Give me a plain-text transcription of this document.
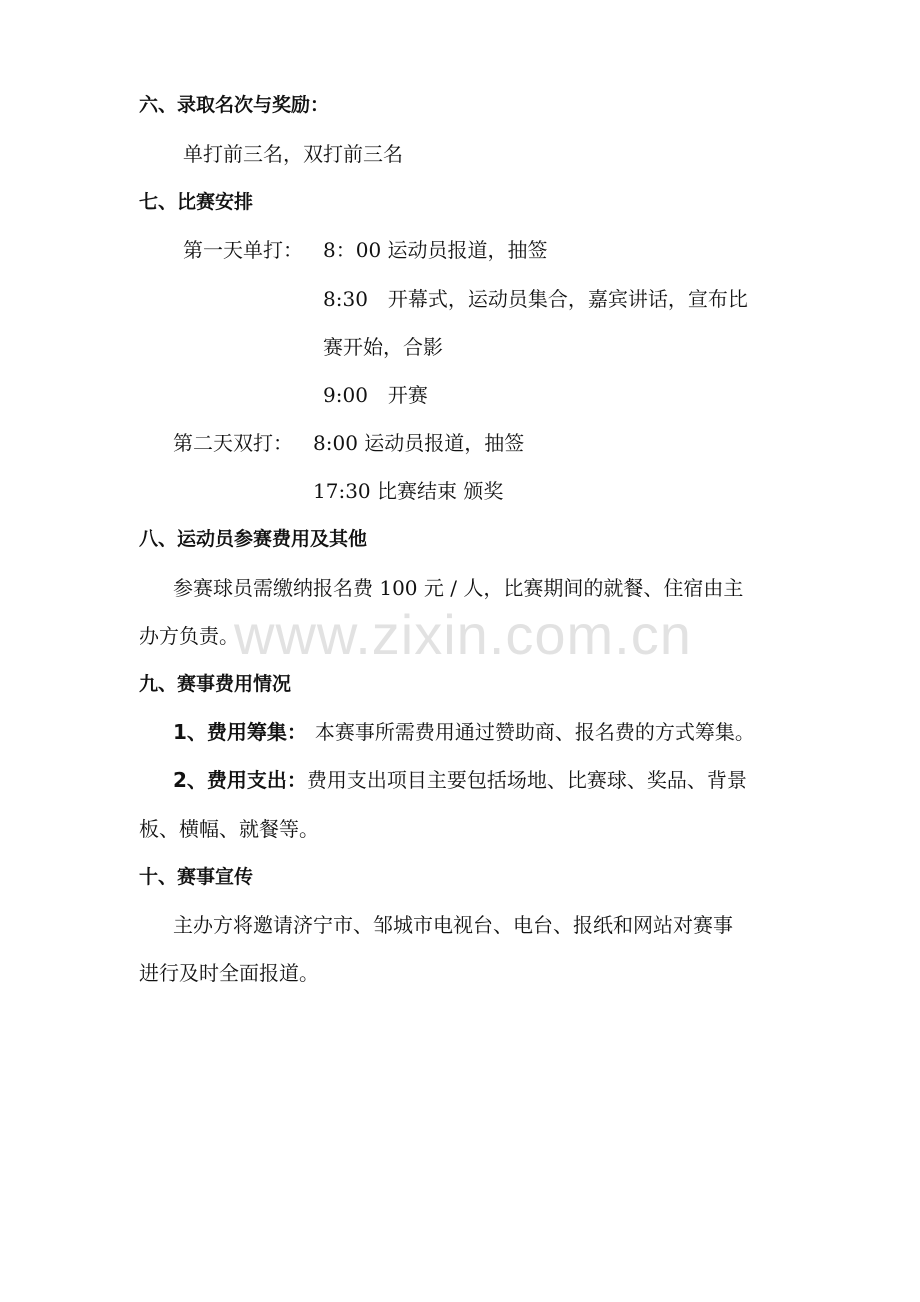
六、录取名次与奖励：
单打前三名，双打前三名
七、比赛安排
第一天单打： 8：00 运动员报道，抽签
8:30　开幕式，运动员集合，嘉宾讲话，宣布比
赛开始，合影
9:00　开赛
第二天双打： 8:00 运动员报道，抽签
17:30 比赛结束 颁奖
八、运动员参赛费用及其他
参赛球员需缴纳报名费 100 元 / 人，比赛期间的就餐、住宿由主
办方负责。
九、赛事费用情况
1、费用筹集： 本赛事所需费用通过赞助商、报名费的方式筹集。
2、费用支出：费用支出项目主要包括场地、比赛球、奖品、背景
板、横幅、就餐等。
十、赛事宣传
主办方将邀请济宁市、邹城市电视台、电台、报纸和网站对赛事
进行及时全面报道。
www.zixin.com.cn
